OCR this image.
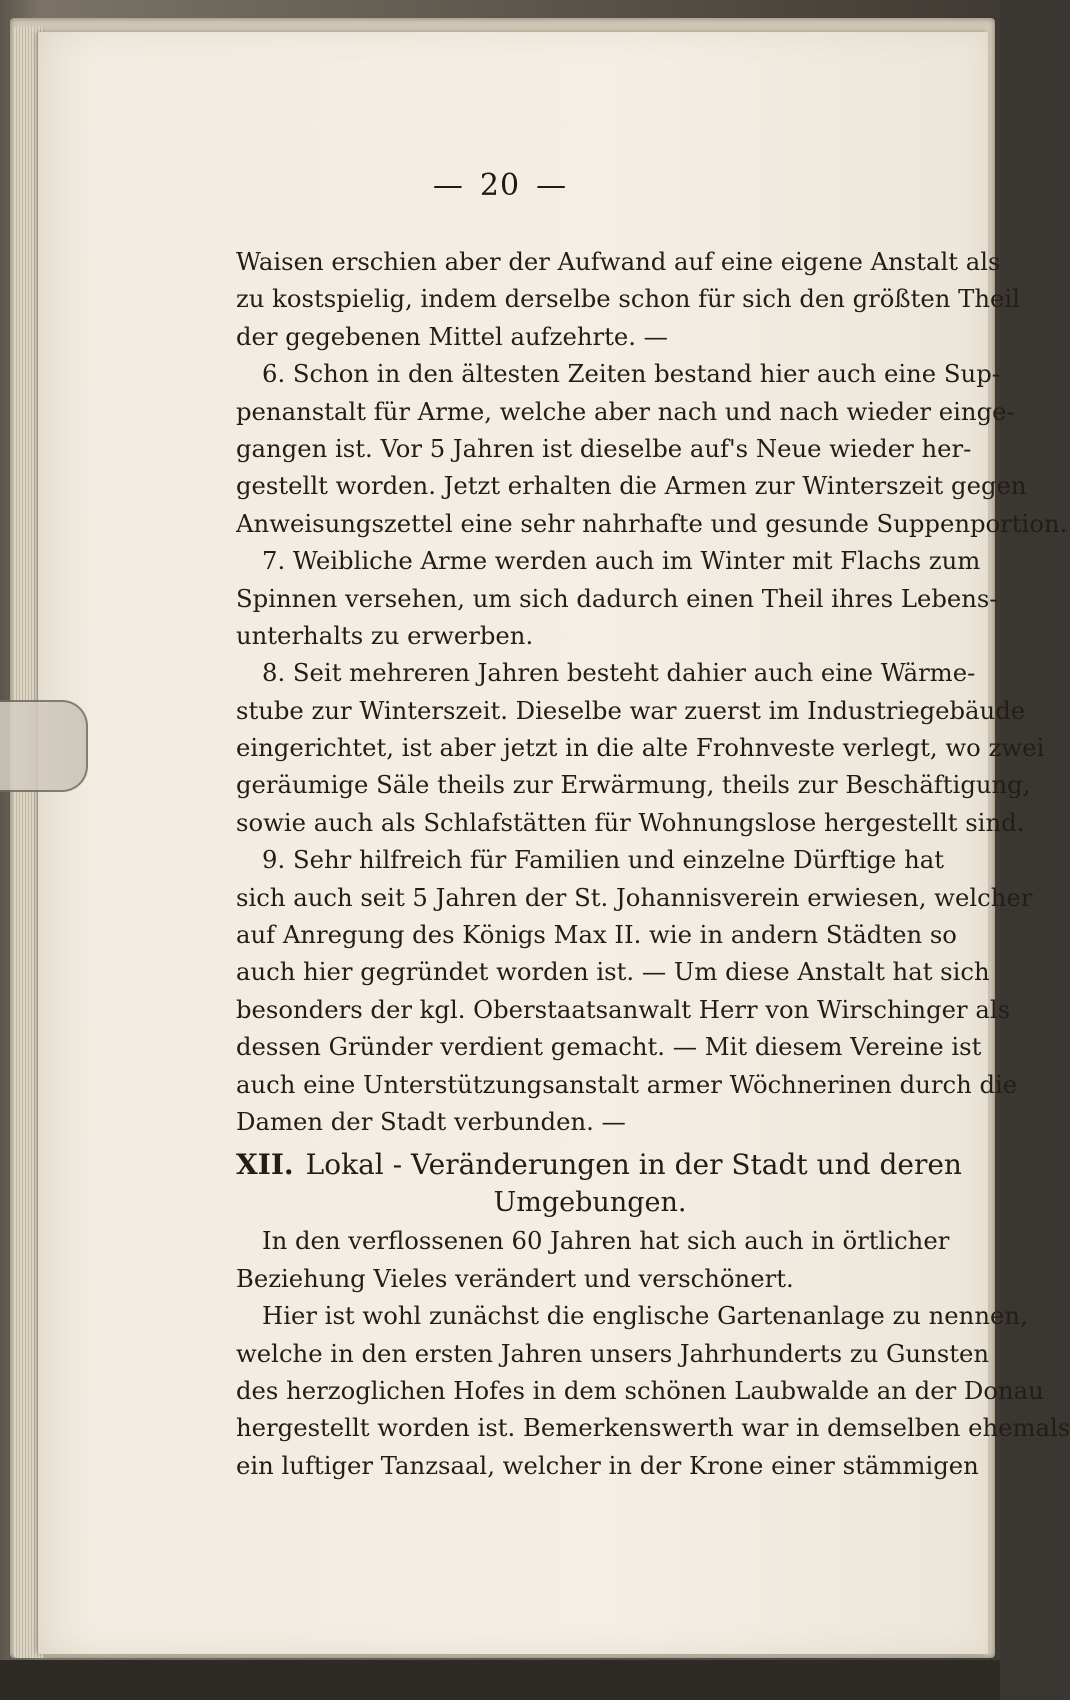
— 20 —
Waisen erschien aber der Aufwand auf eine eigene Anstalt als
zu kostspielig, indem derselbe schon für sich den größten Theil
der gegebenen Mittel aufzehrte. —
6. Schon in den ältesten Zeiten bestand hier auch eine Sup-
penanstalt für Arme, welche aber nach und nach wieder einge-
gangen ist. Vor 5 Jahren ist dieselbe auf's Neue wieder her-
gestellt worden. Jetzt erhalten die Armen zur Winterszeit gegen
Anweisungszettel eine sehr nahrhafte und gesunde Suppenportion.
7. Weibliche Arme werden auch im Winter mit Flachs zum
Spinnen versehen, um sich dadurch einen Theil ihres Lebens-
unterhalts zu erwerben.
8. Seit mehreren Jahren besteht dahier auch eine Wärme-
stube zur Winterszeit. Dieselbe war zuerst im Industriegebäude
eingerichtet, ist aber jetzt in die alte Frohnveste verlegt, wo zwei
geräumige Säle theils zur Erwärmung, theils zur Beschäftigung,
sowie auch als Schlafstätten für Wohnungslose hergestellt sind.
9. Sehr hilfreich für Familien und einzelne Dürftige hat
sich auch seit 5 Jahren der St. Johannisverein erwiesen, welcher
auf Anregung des Königs Max II. wie in andern Städten so
auch hier gegründet worden ist. — Um diese Anstalt hat sich
besonders der kgl. Oberstaatsanwalt Herr von Wirschinger als
dessen Gründer verdient gemacht. — Mit diesem Vereine ist
auch eine Unterstützungsanstalt armer Wöchnerinen durch die
Damen der Stadt verbunden. —
XII. Lokal - Veränderungen in der Stadt und deren
Umgebungen.
In den verflossenen 60 Jahren hat sich auch in örtlicher
Beziehung Vieles verändert und verschönert.
Hier ist wohl zunächst die englische Gartenanlage zu nennen,
welche in den ersten Jahren unsers Jahrhunderts zu Gunsten
des herzoglichen Hofes in dem schönen Laubwalde an der Donau
hergestellt worden ist. Bemerkenswerth war in demselben ehemals
ein luftiger Tanzsaal, welcher in der Krone einer stämmigen
